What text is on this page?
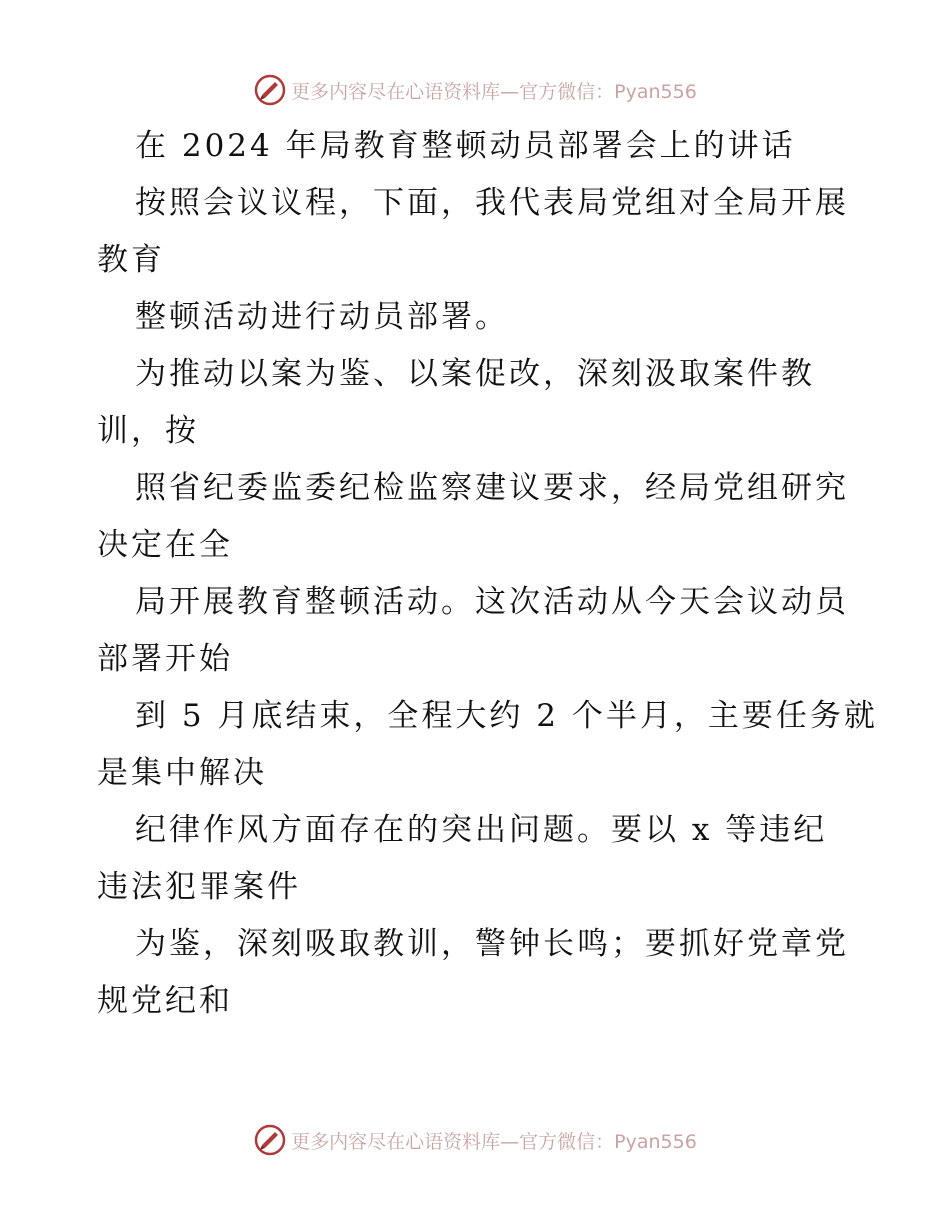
更多内容尽在心语资料库—官方微信：Pyan556
在 2024 年局教育整顿动员部署会上的讲话
按照会议议程，下面，我代表局党组对全局开展
教育
整顿活动进行动员部署。
为推动以案为鉴、以案促改，深刻汲取案件教
训，按
照省纪委监委纪检监察建议要求，经局党组研究
决定在全
局开展教育整顿活动。这次活动从今天会议动员
部署开始
到 5 月底结束，全程大约 2 个半月，主要任务就
是集中解决
纪律作风方面存在的突出问题。要以 x 等违纪
违法犯罪案件
为鉴，深刻吸取教训，警钟长鸣；要抓好党章党
规党纪和
更多内容尽在心语资料库—官方微信：Pyan556
